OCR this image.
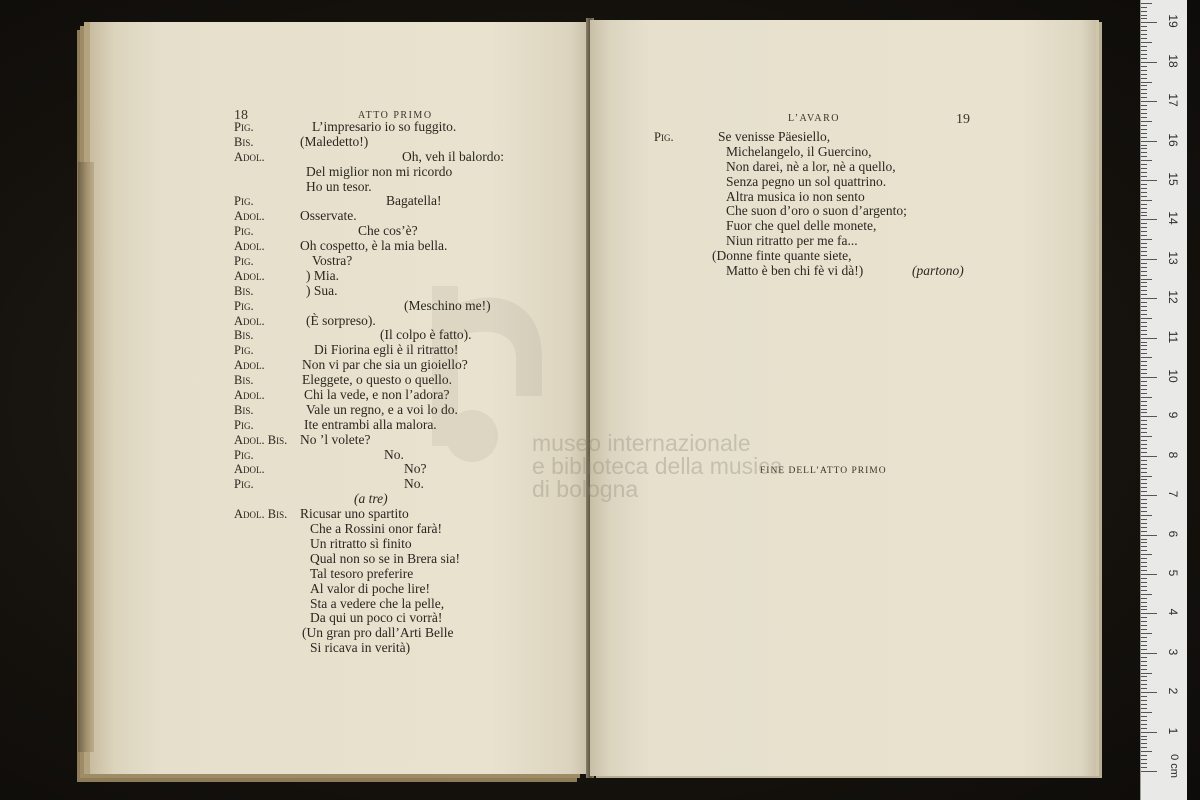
18	ATTO PRIMO
Pig.	L’impresario io so fuggito.
Bis.	(Maledetto!)
Adol.	Oh, veh il balordo:
Del miglior non mi ricordo
Ho un tesor.
Pig.	Bagatella!
Adol.	Osservate.
Pig.	Che cos’è?
Adol.	Oh cospetto, è la mia bella.
Pig.	Vostra?
Adol.	) Mia.
Bis.	) Sua.
Pig.	(Meschino me!)
Adol.	(È sorpreso).
Bis.	(Il colpo è fatto).
Pig.	Di Fiorina egli è il ritratto!
Adol.	Non vi par che sia un gioiello?
Bis.	Eleggete, o questo o quello.
Adol.	Chi la vede, e non l’adora?
Bis.	Vale un regno, e a voi lo do.
Pig.	Ite entrambi alla malora.
Adol. Bis. No ’l volete?
Pig.	No.
Adol.	No?
Pig.	No.
(a tre)
Adol. Bis. Ricusar uno spartito
Che a Rossini onor farà!
Un ritratto sì finito
Qual non so se in Brera sia!
Tal tesoro preferire
Al valor di poche lire!
Sta a vedere che la pelle,
Da qui un poco ci vorrà!
(Un gran pro dall’Arti Belle
Si ricava in verità)
L’AVARO	19
Pig.	Se venisse Päesiello,
Michelangelo, il Guercino,
Non darei, nè a lor, nè a quello,
Senza pegno un sol quattrino.
Altra musica io non sento
Che suon d’oro o suon d’argento;
Fuor che quel delle monete,
Niun ritratto per me fa...
(Donne finte quante siete,
Matto è ben chi fè vi dà!)	(partono)
FINE DELL’ATTO PRIMO
museo internazionale
e biblioteca della musica
di bologna
0 cm
1
2
3
4
5
6
7
8
9
10
11
12
13
14
15
16
17
18
19
